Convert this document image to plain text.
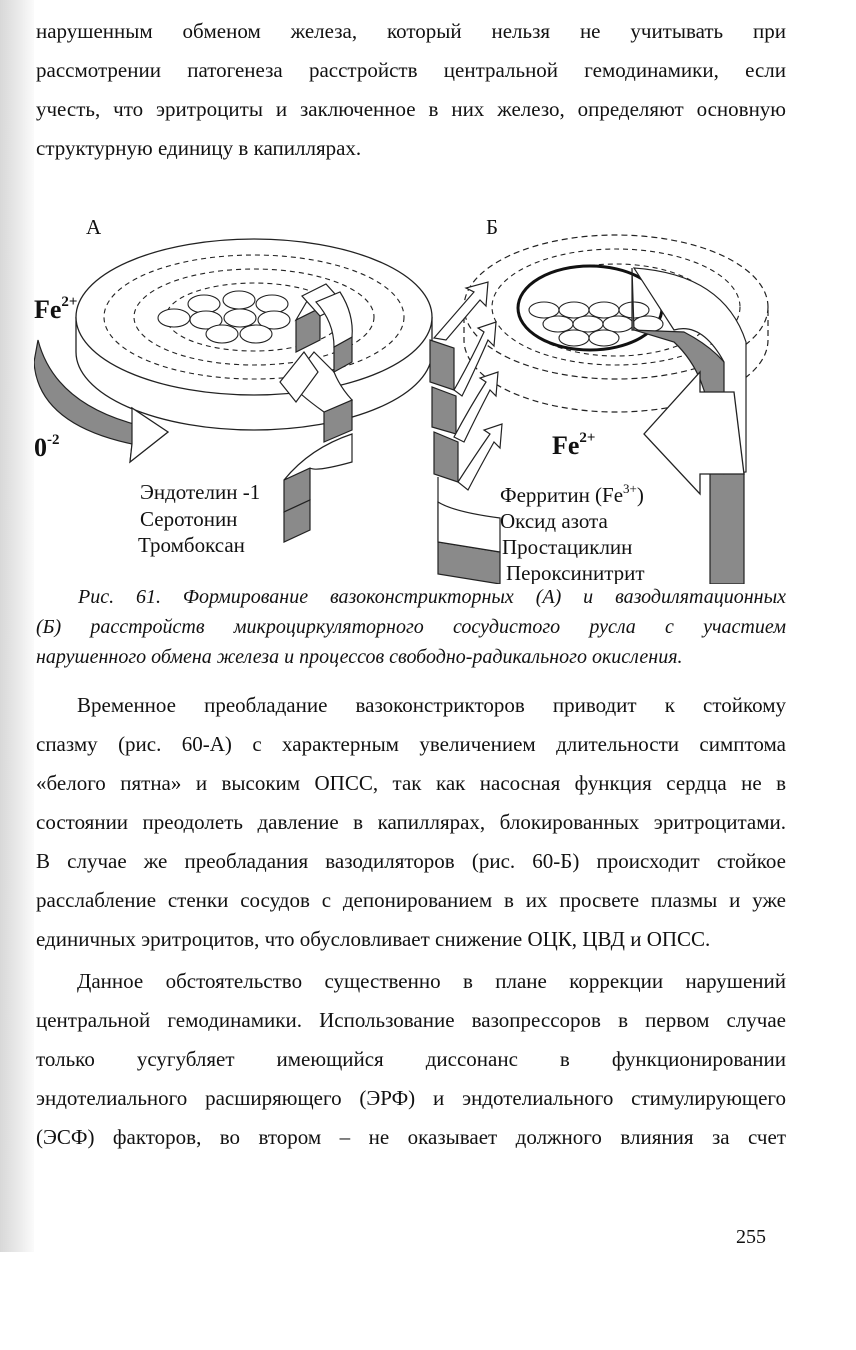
нарушенным обменом железа, который нельзя не учитывать при
рассмотрении патогенеза расстройств центральной гемодинамики, если
учесть, что эритроциты и заключенное в них железо, определяют основную
структурную единицу в капиллярах.

А
$Fe^{2+}$
$0^{-2}$
Эндотелин -1
Серотонин
Тромбоксан
Б
$Fe^{2+}$
Ферритин $(Fe^{3+})$
Оксид азота
Простациклин
Пероксинитрит

Рис. 61. Формирование вазоконстрикторных (А) и вазодилятационных
(Б) расстройств микроциркуляторного сосудистого русла с участием
нарушенного обмена железа и процессов свободно-радикального окисления.

Временное преобладание вазоконстрикторов приводит к стойкому
спазму (рис. 60-А) с характерным увеличением длительности симптома
«белого пятна» и высоким ОПСС, так как насосная функция сердца не в
состоянии преодолеть давление в капиллярах, блокированных эритроцитами.
В случае же преобладания вазодиляторов (рис. 60-Б) происходит стойкое
расслабление стенки сосудов с депонированием в их просвете плазмы и уже
единичных эритроцитов, что обусловливает снижение ОЦК, ЦВД и ОПСС.

Данное обстоятельство существенно в плане коррекции нарушений
центральной гемодинамики. Использование вазопрессоров в первом случае
только усугубляет имеющийся диссонанс в функционировании
эндотелиального расширяющего (ЭРФ) и эндотелиального стимулирующего
(ЭСФ) факторов, во втором – не оказывает должного влияния за счет

255
